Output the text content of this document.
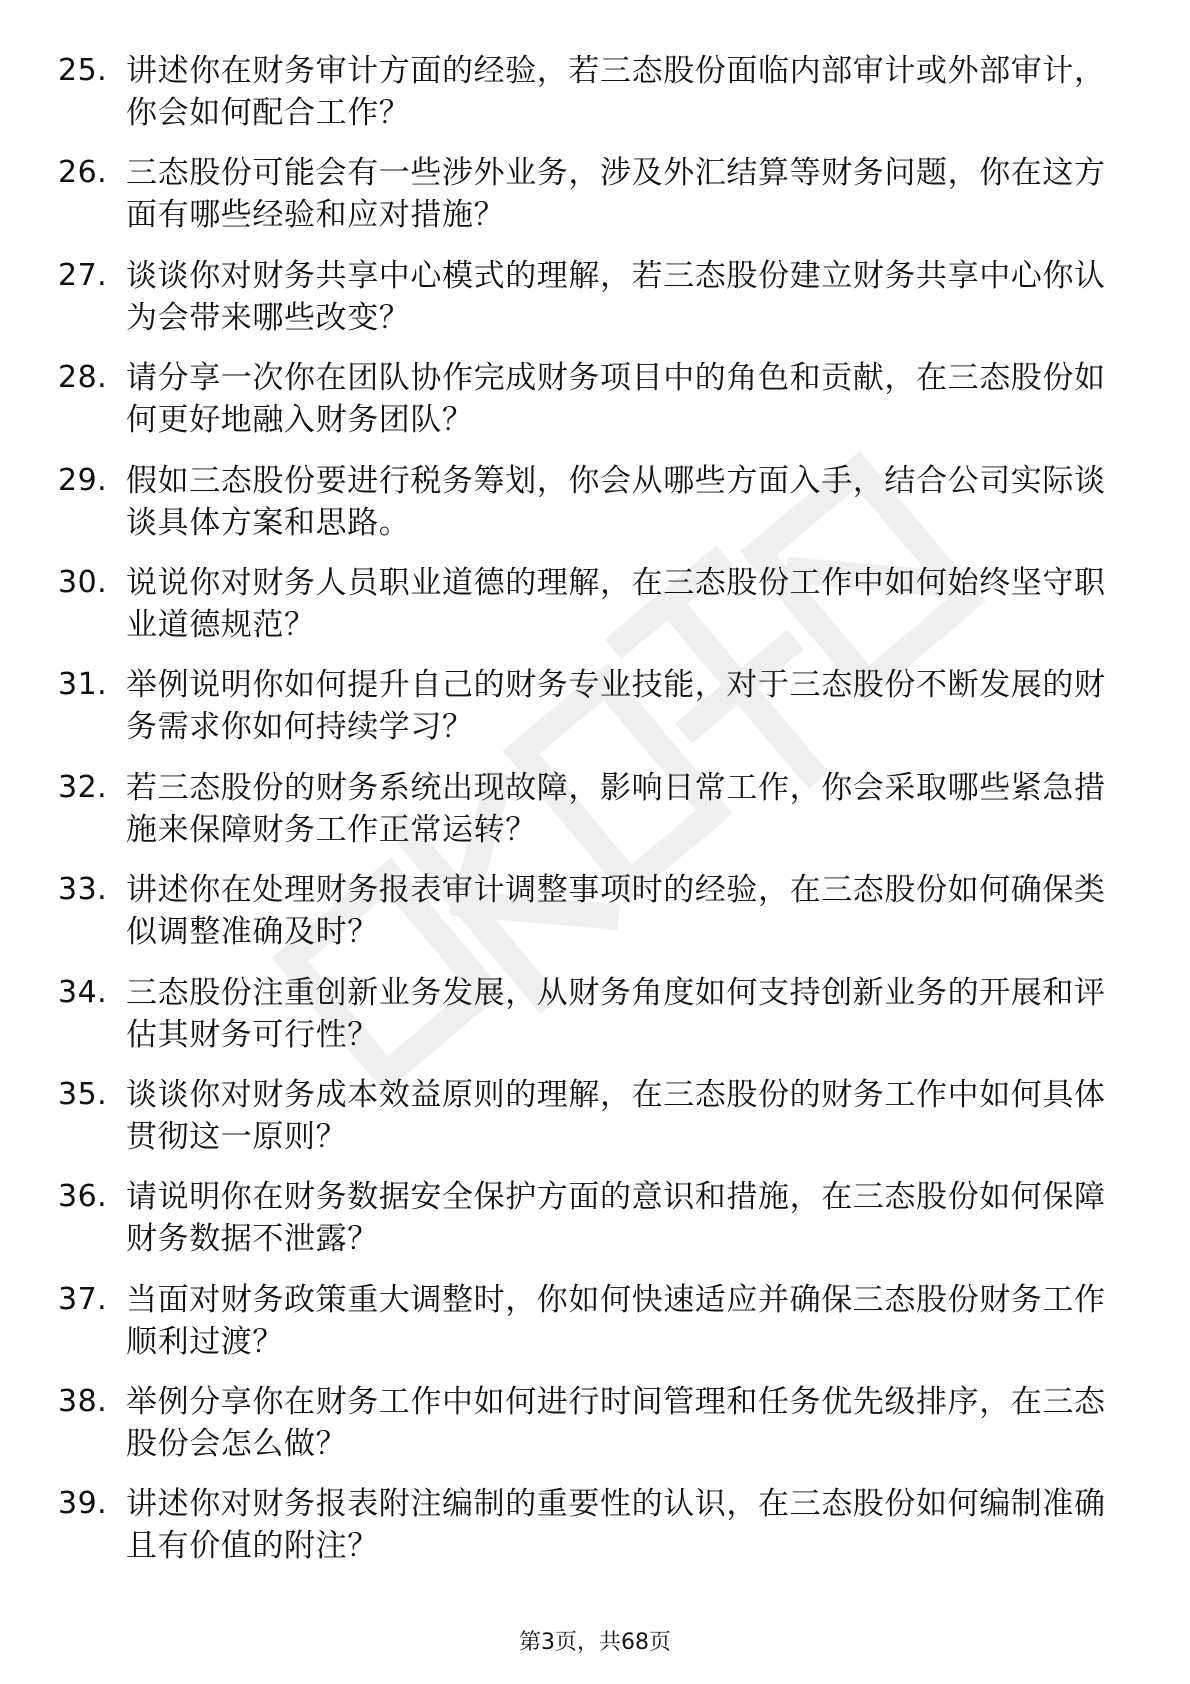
25. 讲述你在财务审计方面的经验，若三态股份面临内部审计或外部审计，你会如何配合工作？
26. 三态股份可能会有一些涉外业务，涉及外汇结算等财务问题，你在这方面有哪些经验和应对措施？
27. 谈谈你对财务共享中心模式的理解，若三态股份建立财务共享中心你认为会带来哪些改变？
28. 请分享一次你在团队协作完成财务项目中的角色和贡献，在三态股份如何更好地融入财务团队？
29. 假如三态股份要进行税务筹划，你会从哪些方面入手，结合公司实际谈谈具体方案和思路。
30. 说说你对财务人员职业道德的理解，在三态股份工作中如何始终坚守职业道德规范？
31. 举例说明你如何提升自己的财务专业技能，对于三态股份不断发展的财务需求你如何持续学习？
32. 若三态股份的财务系统出现故障，影响日常工作，你会采取哪些紧急措施来保障财务工作正常运转？
33. 讲述你在处理财务报表审计调整事项时的经验，在三态股份如何确保类似调整准确及时？
34. 三态股份注重创新业务发展，从财务角度如何支持创新业务的开展和评估其财务可行性？
35. 谈谈你对财务成本效益原则的理解，在三态股份的财务工作中如何具体贯彻这一原则？
36. 请说明你在财务数据安全保护方面的意识和措施，在三态股份如何保障财务数据不泄露？
37. 当面对财务政策重大调整时，你如何快速适应并确保三态股份财务工作顺利过渡？
38. 举例分享你在财务工作中如何进行时间管理和任务优先级排序，在三态股份会怎么做？
39. 讲述你对财务报表附注编制的重要性的认识，在三态股份如何编制准确且有价值的附注？
第3页，共68页
